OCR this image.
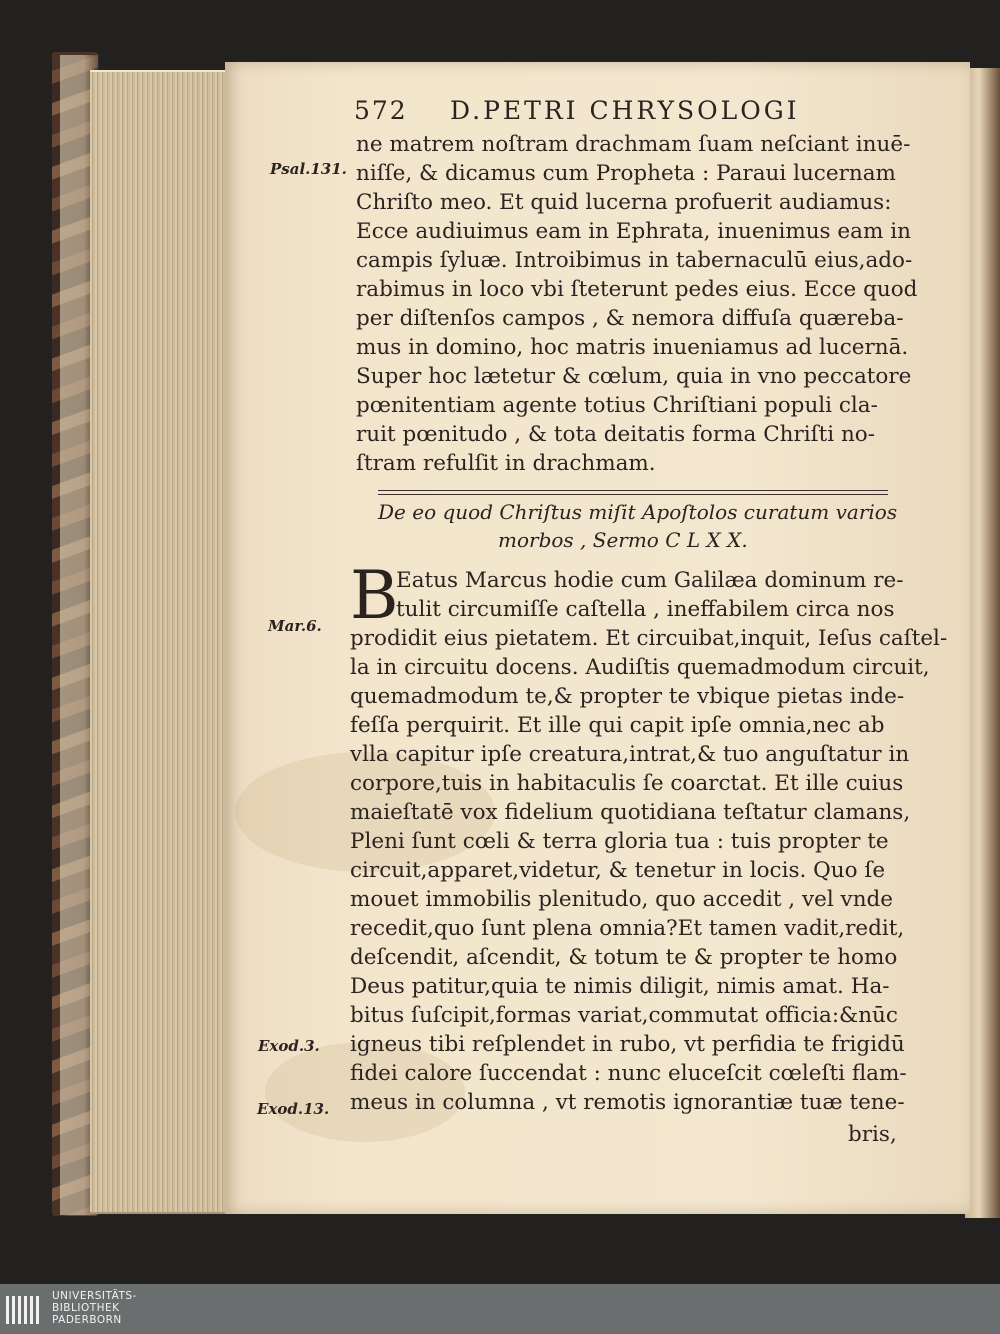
572 D.PETRI CHRYSOLOGI
Psal.131.
Mar.6.
Exod.3.
Exod.13.
ne matrem noſtram drachmam ſuam neſciant inuē-
niſſe, & dicamus cum Propheta : Paraui lucernam
Chriſto meo. Et quid lucerna profuerit audiamus:
Ecce audiuimus eam in Ephrata, inuenimus eam in
campis ſyluæ. Introibimus in tabernaculū eius,ado-
rabimus in loco vbi ſteterunt pedes eius. Ecce quod
per diſtenſos campos , & nemora diffuſa quærеba-
mus in domino, hoc matris inueniamus ad lucernā.
Super hoc lætetur & cœlum, quia in vno peccatore
pœnitentiam agente totius Chriſtiani populi cla-
ruit pœnitudo , & tota deitatis forma Chriſti no-
ſtram refulſit in drachmam.
De eo quod Chriſtus miſit Apoſtolos curatum varios
morbos , Sermo C L X X.
B
Eatus Marcus hodie cum Galilæa dominum re-
tulit circumiſſe caſtella , ineffabilem circa nos
prodidit eius pietatem. Et circuibat,inquit, Ieſus caſtel-
la in circuitu docens. Audiſtis quemadmodum circuit,
quemadmodum te,& propter te vbique pietas inde-
feſſa perquirit. Et ille qui capit ipſe omnia,nec ab
vlla capitur ipſe creatura,intrat,& tuo anguſtatur in
corpore,tuis in habitaculis ſe coarctat. Et ille cuius
maieſtatē vox fidelium quotidiana teſtatur clamans,
Pleni ſunt cœli & terra gloria tua : tuis propter te
circuit,apparet,videtur, & tenetur in locis. Quo ſe
mouet immobilis plenitudo, quo accedit , vel vnde
recedit,quo ſunt plena omnia?Et tamen vadit,redit,
deſcendit, aſcendit, & totum te & propter te homo
Deus patitur,quia te nimis diligit, nimis amat. Ha-
bitus ſuſcipit,formas variat,commutat officia:&nūc
igneus tibi reſplendet in rubo, vt perfidia te frigidū
fidei calore ſuccendat : nunc eluceſcit cœleſti flam-
meus in columna , vt remotis ignorantiæ tuæ tene-
bris,
UNIVERSITÄTS-
BIBLIOTHEK
PADERBORN
